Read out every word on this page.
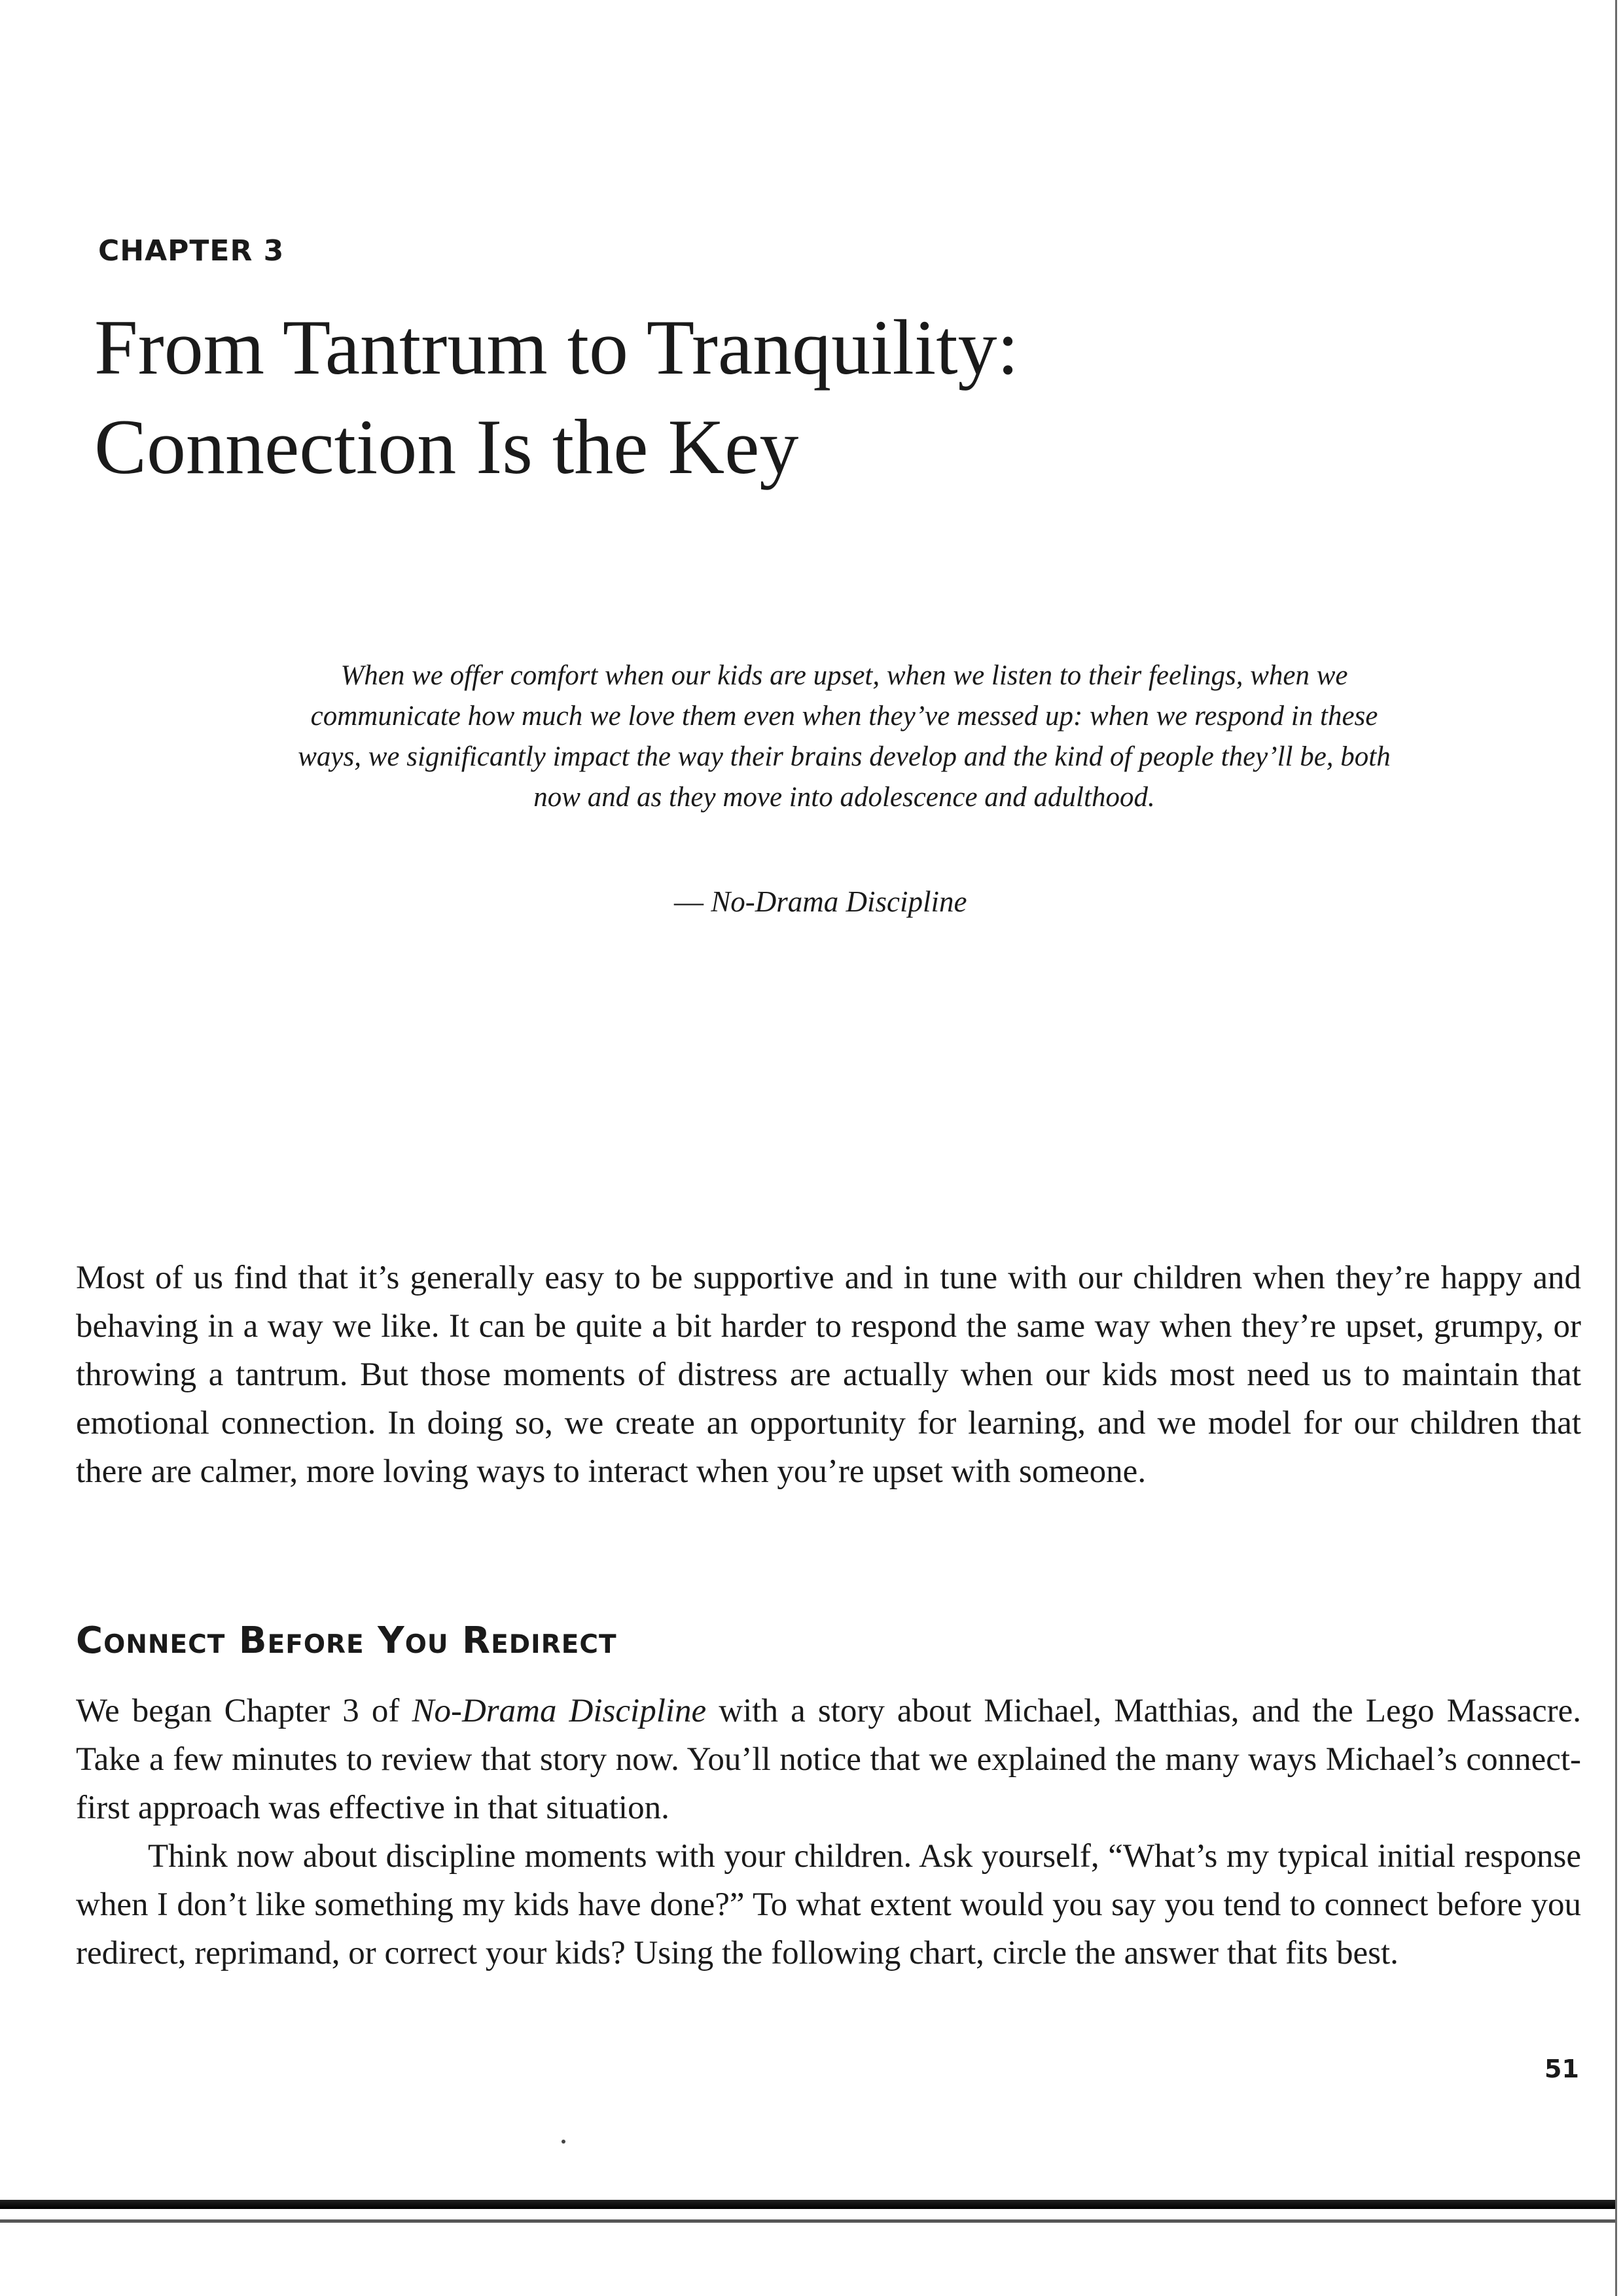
CHAPTER 3

From Tantrum to Tranquility:
Connection Is the Key

When we offer comfort when our kids are upset, when we listen to their feelings, when we communicate how much we love them even when they’ve messed up: when we respond in these ways, we significantly impact the way their brains develop and the kind of people they’ll be, both now and as they move into adolescence and adulthood.

— No-Drama Discipline

Most of us find that it’s generally easy to be supportive and in tune with our children when they’re happy and behaving in a way we like. It can be quite a bit harder to respond the same way when they’re upset, grumpy, or throwing a tantrum. But those moments of distress are actually when our kids most need us to maintain that emotional connection. In doing so, we create an opportunity for learning, and we model for our children that there are calmer, more loving ways to interact when you’re upset with someone.

Connect Before You Redirect

We began Chapter 3 of No-Drama Discipline with a story about Michael, Matthias, and the Lego Massacre. Take a few minutes to review that story now. You’ll notice that we explained the many ways Michael’s connect-first approach was effective in that situation.

Think now about discipline moments with your children. Ask yourself, “What’s my typical initial response when I don’t like something my kids have done?” To what extent would you say you tend to connect before you redirect, reprimand, or correct your kids? Using the following chart, circle the answer that fits best.

51
